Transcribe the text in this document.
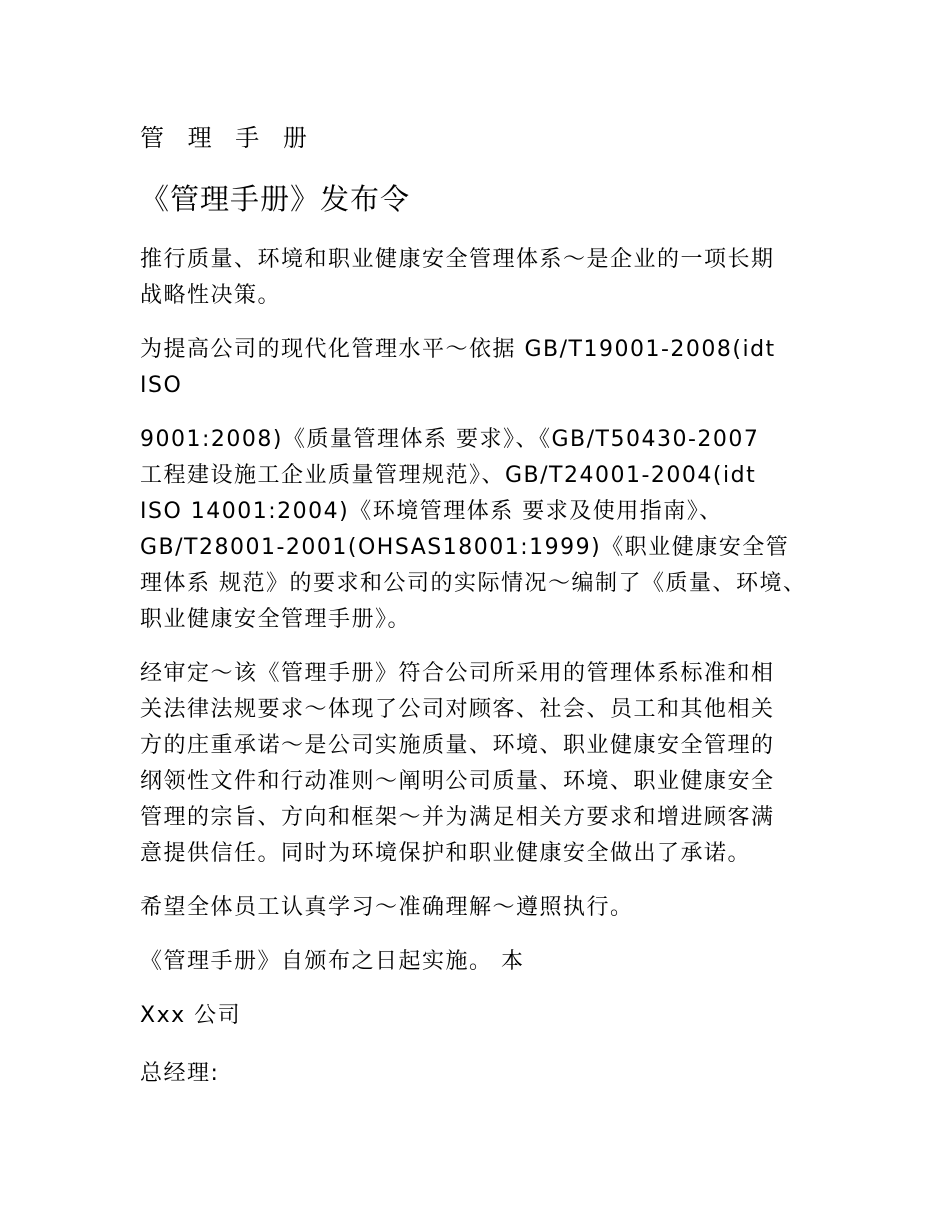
管 理 手 册
《管理手册》发布令
推行质量、环境和职业健康安全管理体系～是企业的一项长期
战略性决策。
为提高公司的现代化管理水平～依据 GB/T19001-2008(idt
ISO
9001:2008)《质量管理体系 要求》、《GB/T50430-2007
工程建设施工企业质量管理规范》、GB/T24001-2004(idt
ISO 14001:2004)《环境管理体系 要求及使用指南》、
GB/T28001-2001(OHSAS18001:1999)《职业健康安全管
理体系 规范》的要求和公司的实际情况～编制了《质量、环境、
职业健康安全管理手册》。
经审定～该《管理手册》符合公司所采用的管理体系标准和相
关法律法规要求～体现了公司对顾客、社会、员工和其他相关
方的庄重承诺～是公司实施质量、环境、职业健康安全管理的
纲领性文件和行动准则～阐明公司质量、环境、职业健康安全
管理的宗旨、方向和框架～并为满足相关方要求和增进顾客满
意提供信任。同时为环境保护和职业健康安全做出了承诺。
希望全体员工认真学习～准确理解～遵照执行。
《管理手册》自颁布之日起实施。 本
Xxx 公司
总经理:
